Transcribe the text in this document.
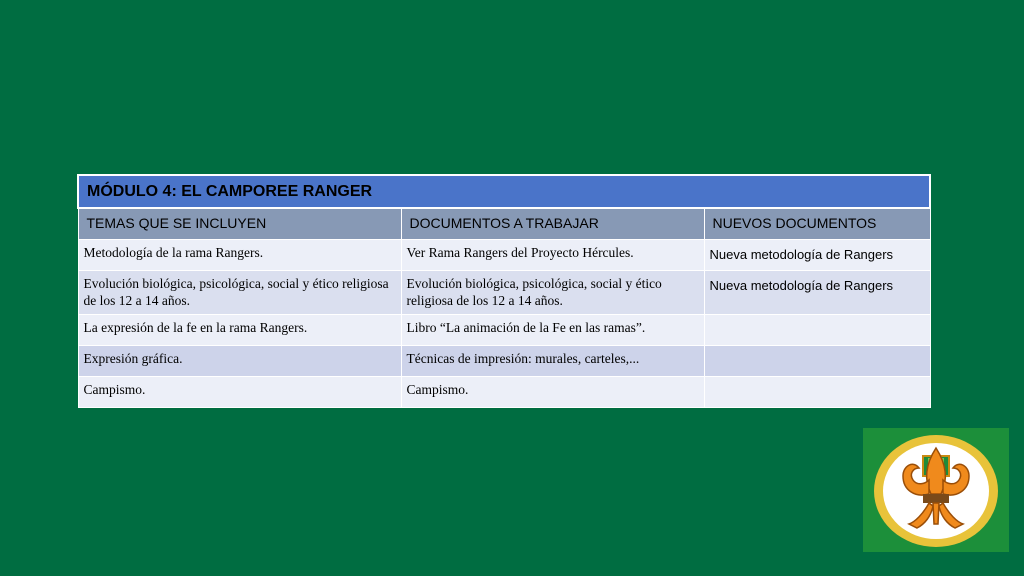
MÓDULO 4: EL CAMPOREE RANGER		
TEMAS QUE SE INCLUYEN	DOCUMENTOS A TRABAJAR	NUEVOS DOCUMENTOS
Metodología de la rama Rangers.	Ver Rama Rangers del Proyecto Hércules.	Nueva metodología de Rangers
Evolución biológica, psicológica, social y ético religiosa de los 12 a 14 años.	Evolución biológica, psicológica, social y ético religiosa de los 12 a 14 años.	Nueva metodología de Rangers
La expresión de la fe en la rama Rangers.	Libro “La animación de la Fe en las ramas”.	
Expresión gráfica.	Técnicas de impresión: murales, carteles,...	
Campismo.	Campismo.	
